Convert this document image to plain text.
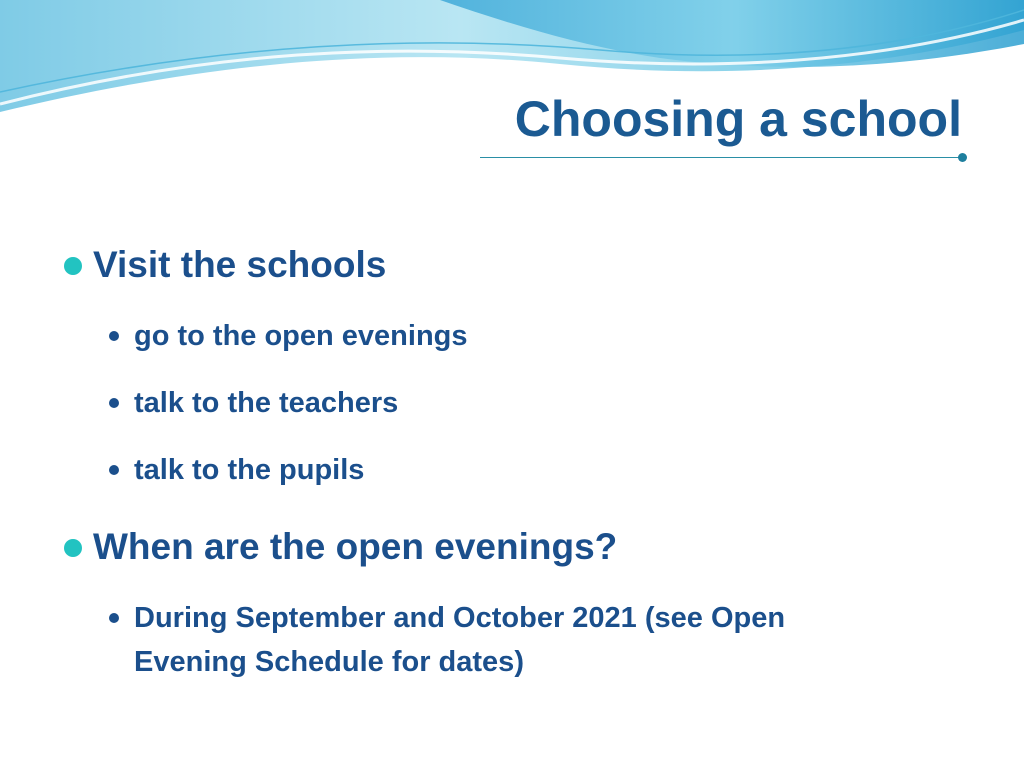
Choosing a school
Visit the schools
go to the open evenings
talk to the teachers
talk to the pupils
When are the open evenings?
During September and October 2021 (see Open Evening Schedule for dates)
